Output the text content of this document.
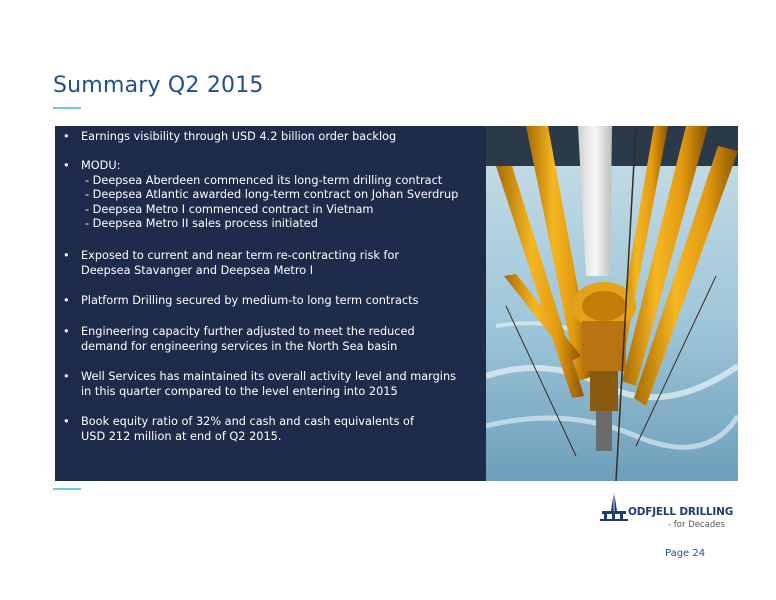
Summary Q2 2015
•	Earnings visibility through USD 4.2 billion order backlog
•	MODU:
- Deepsea Aberdeen commenced its long-term drilling contract
- Deepsea Atlantic awarded long-term contract on Johan Sverdrup
- Deepsea Metro I commenced contract in Vietnam
- Deepsea Metro II sales process initiated
•	Exposed to current and near term re-contracting risk for
Deepsea Stavanger and Deepsea Metro I
•	Platform Drilling secured by medium-to long term contracts
•	Engineering capacity further adjusted to meet the reduced
demand for engineering services in the North Sea basin
•	Well Services has maintained its overall activity level and margins
in this quarter compared to the level entering into 2015
•	Book equity ratio of 32% and cash and cash equivalents of
USD 212 million at end of Q2 2015.
ODFJELL DRILLING
- for Decades
Page 24
